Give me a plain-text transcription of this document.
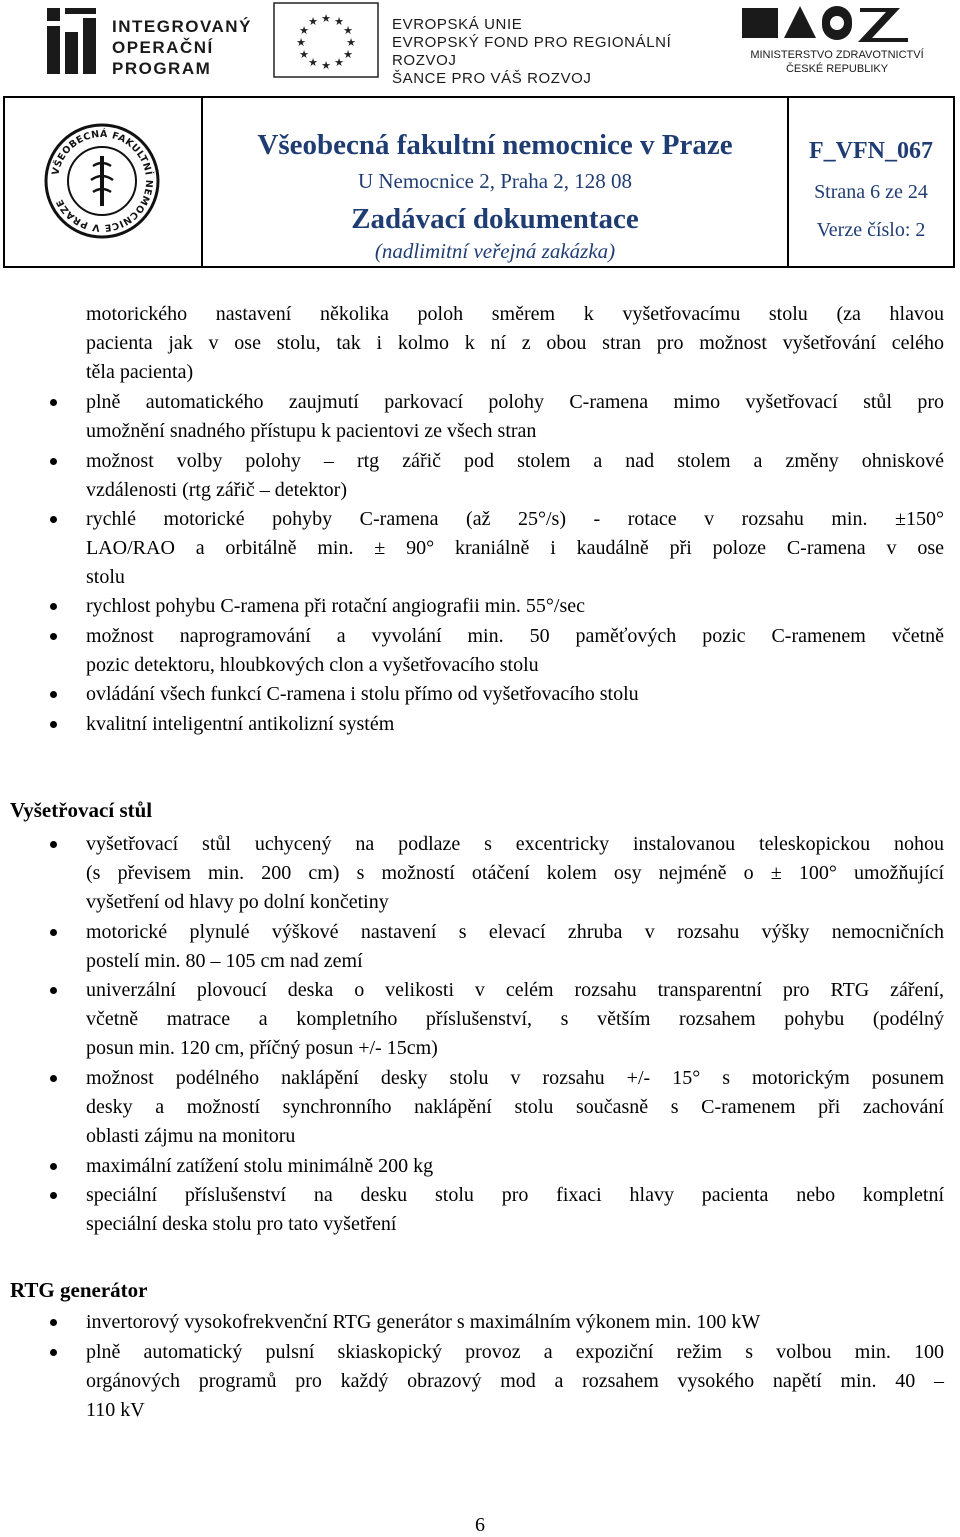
INTEGROVANÝ
OPERAČNÍ
PROGRAM
★ ★
★
★
★
★
★
★
★
★
★
★	EVROPSKÁ UNIE
EVROPSKÝ FOND PRO REGIONÁLNÍ ROZVOJ
ŠANCE PRO VÁŠ ROZVOJ
MINISTERSTVO ZDRAVOTNICTVÍ
ČESKÉ REPUBLIKY
VŠEOBECNÁ FAKULTNÍ NEMOCNICE V PRAZE
Všeobecná fakultní nemocnice v Praze
U Nemocnice 2, Praha 2, 128 08
Zadávací dokumentace
(nadlimitní veřejná zakázka)
F_VFN_067
Strana 6 ze 24
Verze číslo: 2
motorického nastavení několika poloh směrem k vyšetřovacímu stolu (za hlavou
pacienta jak v ose stolu, tak i kolmo k ní z obou stran pro možnost vyšetřování celého
těla pacienta)
plně automatického zaujmutí parkovací polohy C-ramena mimo vyšetřovací stůl pro
umožnění snadného přístupu k pacientovi ze všech stran
možnost volby polohy – rtg zářič pod stolem a nad stolem a změny ohniskové
vzdálenosti (rtg zářič – detektor)
rychlé motorické pohyby C-ramena (až 25°/s) - rotace v rozsahu min. ±150°
LAO/RAO a orbitálně min. ± 90° kraniálně i kaudálně při poloze C-ramena v ose
stolu
rychlost pohybu C-ramena při rotační angiografii min. 55°/sec
možnost naprogramování a vyvolání min. 50 paměťových pozic C-ramenem včetně
pozic detektoru, hloubkových clon a vyšetřovacího stolu
ovládání všech funkcí C-ramena i stolu přímo od vyšetřovacího stolu
kvalitní inteligentní antikolizní systém
Vyšetřovací stůl
vyšetřovací stůl uchycený na podlaze s excentricky instalovanou teleskopickou nohou
(s převisem min. 200 cm) s možností otáčení kolem osy nejméně o ± 100° umožňující
vyšetření od hlavy po dolní končetiny
motorické plynulé výškové nastavení s elevací zhruba v rozsahu výšky nemocničních
postelí min. 80 – 105 cm nad zemí
univerzální plovoucí deska o velikosti v celém rozsahu transparentní pro RTG záření,
včetně matrace a kompletního příslušenství, s větším rozsahem pohybu (podélný
posun min. 120 cm, příčný posun +/- 15cm)
možnost podélného naklápění desky stolu v rozsahu +/- 15° s motorickým posunem
desky a možností synchronního naklápění stolu současně s C-ramenem při zachování
oblasti zájmu na monitoru
maximální zatížení stolu minimálně 200 kg
speciální příslušenství na desku stolu pro fixaci hlavy pacienta nebo kompletní
speciální deska stolu pro tato vyšetření
RTG generátor
invertorový vysokofrekvenční RTG generátor s maximálním výkonem min. 100 kW
plně automatický pulsní skiaskopický provoz a expoziční režim s volbou min. 100
orgánových programů pro každý obrazový mod a rozsahem vysokého napětí min. 40 –
110 kV
6
